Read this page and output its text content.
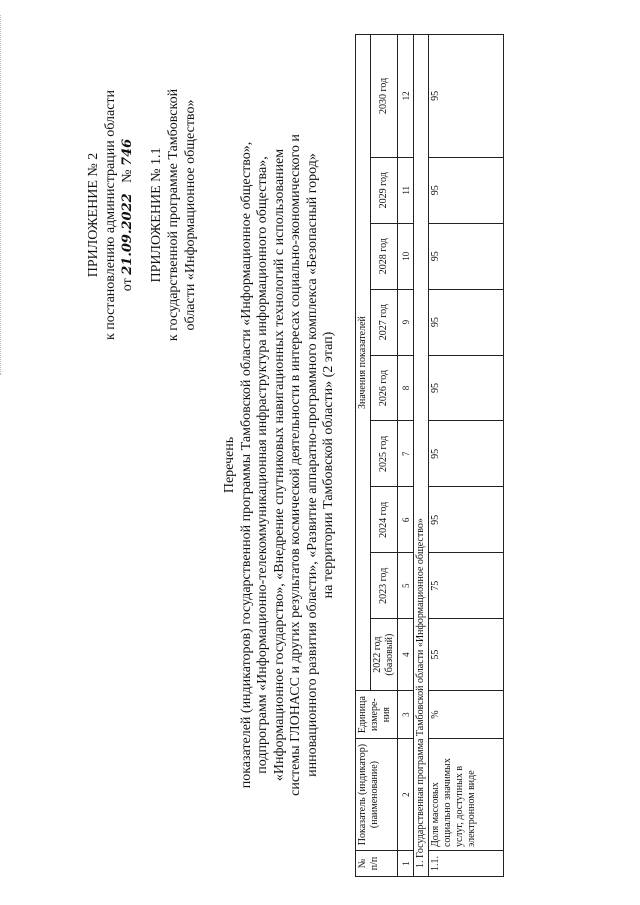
ПРИЛОЖЕНИЕ № 2 к постановлению администрации области от 21.09.2022   № 746 ПРИЛОЖЕНИЕ № 1.1 к государственной программе Тамбовской области «Информационное общество»
Перечень показателей (индикаторов) государственной программы Тамбовской области «Информационное общество», подпрограмм «Информационно-телекоммуникационная инфраструктура информационного общества», «Информационное государство», «Внедрение спутниковых навигационных технологий с использованием системы ГЛОНАСС и других результатов космической деятельности в интересах социально-экономического и инновационного развития области», «Развитие аппаратно-программного комплекса «Безопасный город» на территории Тамбовской области» (2 этап)
№ п/п	Показатель (индикатор) (наименование)	Единица измере-ния	Значения показателей								
			2022 год (базовый)	2023 год	2024 год	2025 год	2026 год	2027 год	2028 год	2029 год	2030 год
1	2	3	4	5	6	7	8	9	10	11	12
1. Государственная программа Тамбовской области «Информационное общество»											
1.1.	Доля массовых социально значимых услуг, доступных в электронном виде	%	55	75	95	95	95	95	95	95	95
